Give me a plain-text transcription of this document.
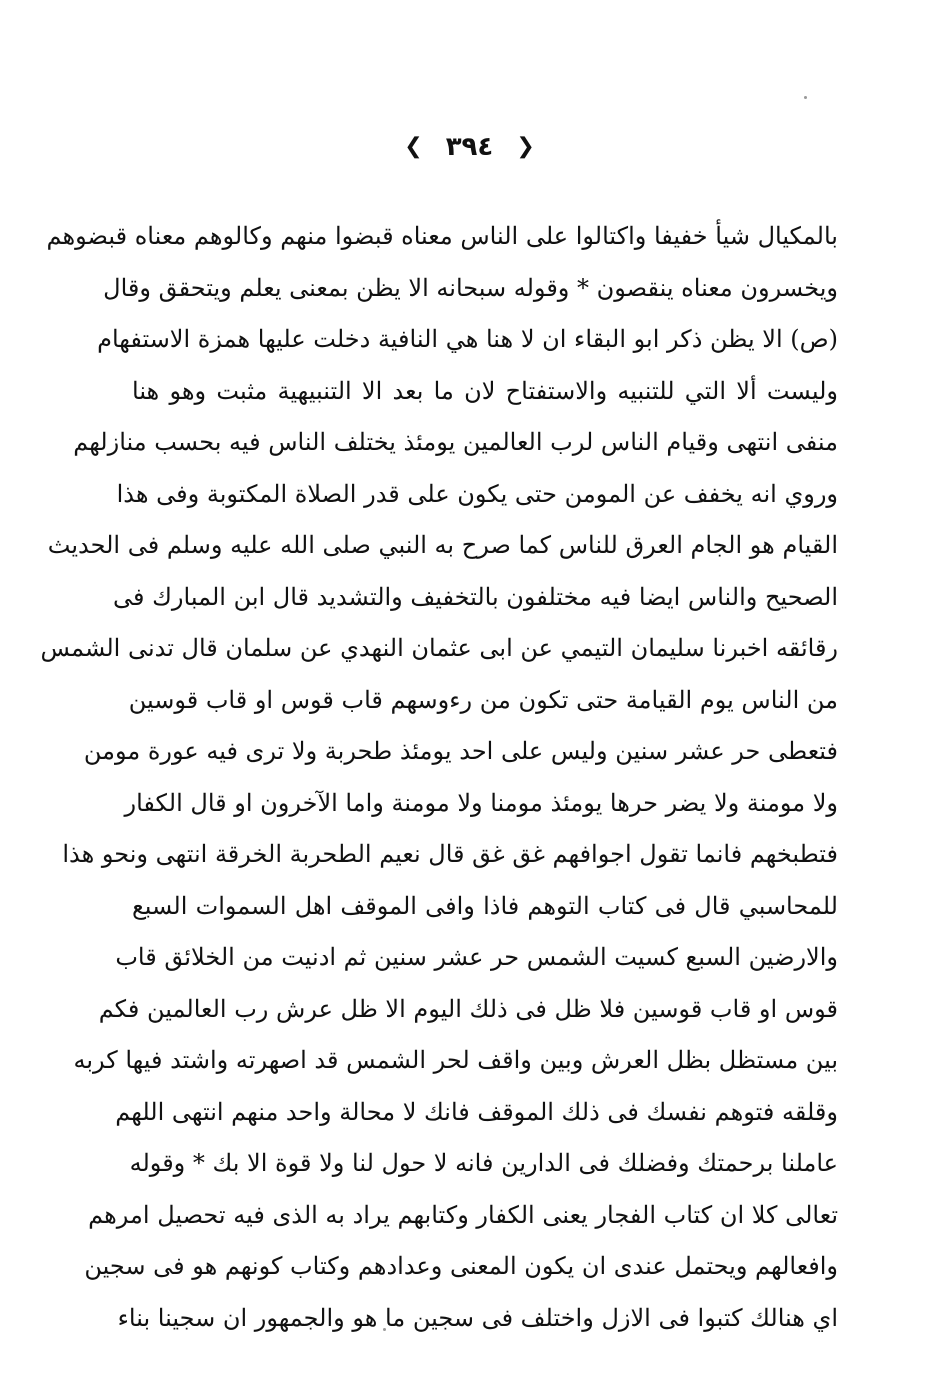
❮ ٣٩٤ ❯
بالمكيال شيأ خفيفا واكتالوا على الناس معناه قبضوا منهم وكالوهم معناه قبضوهم
ويخسرون معناه ينقصون * وقوله سبحانه الا يظن بمعنى يعلم ويتحقق وقال
(ص) الا يظن ذكر ابو البقاء ان لا هنا هي النافية دخلت عليها همزة الاستفهام
وليست ألا التي للتنبيه والاستفتاح لان ما بعد الا التنبيهية مثبت وهو هنا
منفى انتهى وقيام الناس لرب العالمين يومئذ يختلف الناس فيه بحسب منازلهم
وروي انه يخفف عن المومن حتى يكون على قدر الصلاة المكتوبة وفى هذا
القيام هو الجام العرق للناس كما صرح به النبي صلى الله عليه وسلم فى الحديث
الصحيح والناس ايضا فيه مختلفون بالتخفيف والتشديد قال ابن المبارك فى
رقائقه اخبرنا سليمان التيمي عن ابى عثمان النهدي عن سلمان قال تدنى الشمس
من الناس يوم القيامة حتى تكون من رءوسهم قاب قوس او قاب قوسين
فتعطى حر عشر سنين وليس على احد يومئذ طحربة ولا ترى فيه عورة مومن
ولا مومنة ولا يضر حرها يومئذ مومنا ولا مومنة واما الآخرون او قال الكفار
فتطبخهم فانما تقول اجوافهم غق غق قال نعيم الطحربة الخرقة انتهى ونحو هذا
للمحاسبي قال فى كتاب التوهم فاذا وافى الموقف اهل السموات السبع
والارضين السبع كسيت الشمس حر عشر سنين ثم ادنيت من الخلائق قاب
قوس او قاب قوسين فلا ظل فى ذلك اليوم الا ظل عرش رب العالمين فكم
بين مستظل بظل العرش وبين واقف لحر الشمس قد اصهرته واشتد فيها كربه
وقلقه فتوهم نفسك فى ذلك الموقف فانك لا محالة واحد منهم انتهى اللهم
عاملنا برحمتك وفضلك فى الدارين فانه لا حول لنا ولا قوة الا بك * وقوله
تعالى كلا ان كتاب الفجار يعنى الكفار وكتابهم يراد به الذى فيه تحصيل امرهم
وافعالهم ويحتمل عندى ان يكون المعنى وعدادهم وكتاب كونهم هو فى سجين
اي هنالك كتبوا فى الازل واختلف فى سجين ما هو والجمهور ان سجينا بناء
